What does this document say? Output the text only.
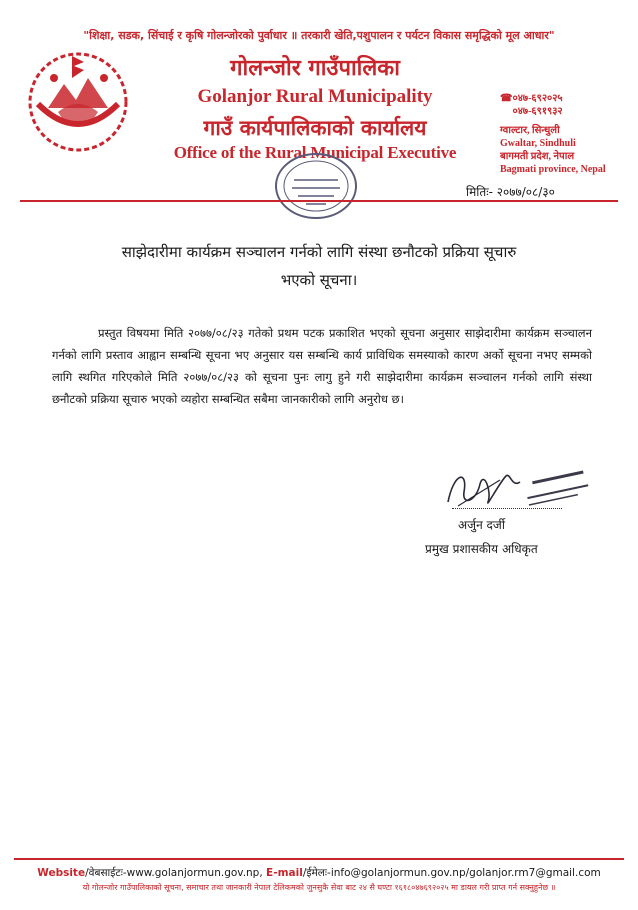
"शिक्षा, सडक, सिंचाई र कृषि गोलन्जोरको पुर्वाधार ॥ तरकारी खेति,पशुपालन र पर्यटन विकास समृद्धिको मूल आधार"
गोलन्जोर गाउँपालिका
Golanjor Rural Municipality
गाउँ कार्यपालिकाको कार्यालय
Office of the Rural Municipal Executive
☎ ०४७-६९२०२५
०४७-६९१९३२
ग्वाल्टार, सिन्धुली
Gwaltar, Sindhuli
बागमती प्रदेश, नेपाल
Bagmati province, Nepal
मितिः- २०७७/०८/३०
साझेदारीमा कार्यक्रम सञ्चालन गर्नको लागि संस्था छनौटको प्रक्रिया सूचारु
भएको सूचना।
प्रस्तुत विषयमा मिति २०७७/०८/२३ गतेको प्रथम पटक प्रकाशित भएको सूचना अनुसार साझेदारीमा कार्यक्रम सञ्चालन गर्नको लागि प्रस्ताव आह्वान सम्बन्धि सूचना भए अनुसार यस सम्बन्धि कार्य प्राविधिक समस्याको कारण अर्को सूचना नभए सम्मको लागि स्थगित गरिएकोले मिति २०७७/०८/२३ को सूचना पुनः लागु हुने गरी साझेदारीमा कार्यक्रम सञ्चालन गर्नको लागि संस्था छनौटको प्रक्रिया सूचारु भएको व्यहोरा सम्बन्धित सबैमा जानकारीको लागि अनुरोध छ।
अर्जुन दर्जी
प्रमुख प्रशासकीय अधिकृत
Website/वेबसाईटः-www.golanjormun.gov.np, E-mail/ईमेलः-info@golanjormun.gov.np/golanjor.rm7@gmail.com
यो गोलन्जोर गाउँपालिकाको सूचना, समाचार तथा जानकारी नेपाल टेलिकमको जुनसुकै सेवा बाट २४ सै घण्टा १६१८०४७६९२०२५ मा डायल गरी प्राप्त गर्न सक्नुहुनेछ ॥
